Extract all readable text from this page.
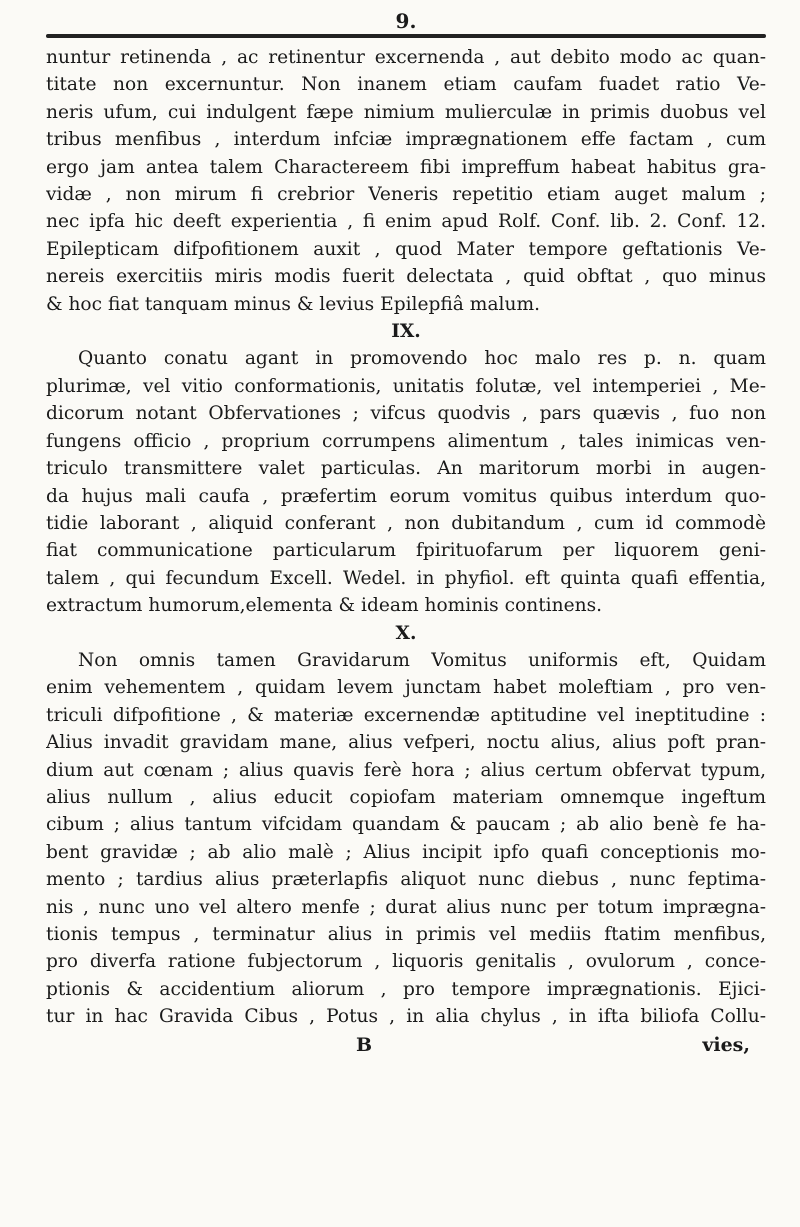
9.
nuntur retinenda , ac retinentur excernenda , aut debito modo ac quan-
titate non excernuntur. Non inanem etiam caufam fuadet ratio Ve-
neris ufum, cui indulgent fæpe nimium mulierculæ in primis duobus vel
tribus menfibus , interdum infciæ imprægnationem effe factam , cum
ergo jam antea talem Charactereem fibi impreffum habeat habitus gra-
vidæ , non mirum fi crebrior Veneris repetitio etiam auget malum ;
nec ipfa hic deeft experientia , fi enim apud Rolf. Conf. lib. 2. Conf. 12.
Epilepticam difpofitionem auxit , quod Mater tempore geftationis Ve-
nereis exercitiis miris modis fuerit delectata , quid obftat , quo minus
& hoc fiat tanquam minus & levius Epilepfiâ malum.
IX.
Quanto conatu agant in promovendo hoc malo res p. n. quam
plurimæ, vel vitio conformationis, unitatis folutæ, vel intemperiei , Me-
dicorum notant Obfervationes ; vifcus quodvis , pars quævis , fuo non
fungens officio , proprium corrumpens alimentum , tales inimicas ven-
triculo transmittere valet particulas. An maritorum morbi in augen-
da hujus mali caufa , præfertim eorum vomitus quibus interdum quo-
tidie laborant , aliquid conferant , non dubitandum , cum id commodè
fiat communicatione particularum fpirituofarum per liquorem geni-
talem , qui fecundum Excell. Wedel. in phyfiol. eft quinta quafi effentia,
extractum humorum,elementa & ideam hominis continens.
X.
Non omnis tamen Gravidarum Vomitus uniformis eft, Quidam
enim vehementem , quidam levem junctam habet moleftiam , pro ven-
triculi difpofitione , & materiæ excernendæ aptitudine vel ineptitudine :
Alius invadit gravidam mane, alius vefperi, noctu alius, alius poft pran-
dium aut cœnam ; alius quavis ferè hora ; alius certum obfervat typum,
alius nullum , alius educit copiofam materiam omnemque ingeftum
cibum ; alius tantum vifcidam quandam & paucam ; ab alio benè fe ha-
bent gravidæ ; ab alio malè ; Alius incipit ipfo quafi conceptionis mo-
mento ; tardius alius præterlapfis aliquot nunc diebus , nunc feptima-
nis , nunc uno vel altero menfe ; durat alius nunc per totum imprægna-
tionis tempus , terminatur alius in primis vel mediis ftatim menfibus,
pro diverfa ratione fubjectorum , liquoris genitalis , ovulorum , conce-
ptionis & accidentium aliorum , pro tempore imprægnationis. Ejici-
tur in hac Gravida Cibus , Potus , in alia chylus , in ifta biliofa Collu-
B	vies,
